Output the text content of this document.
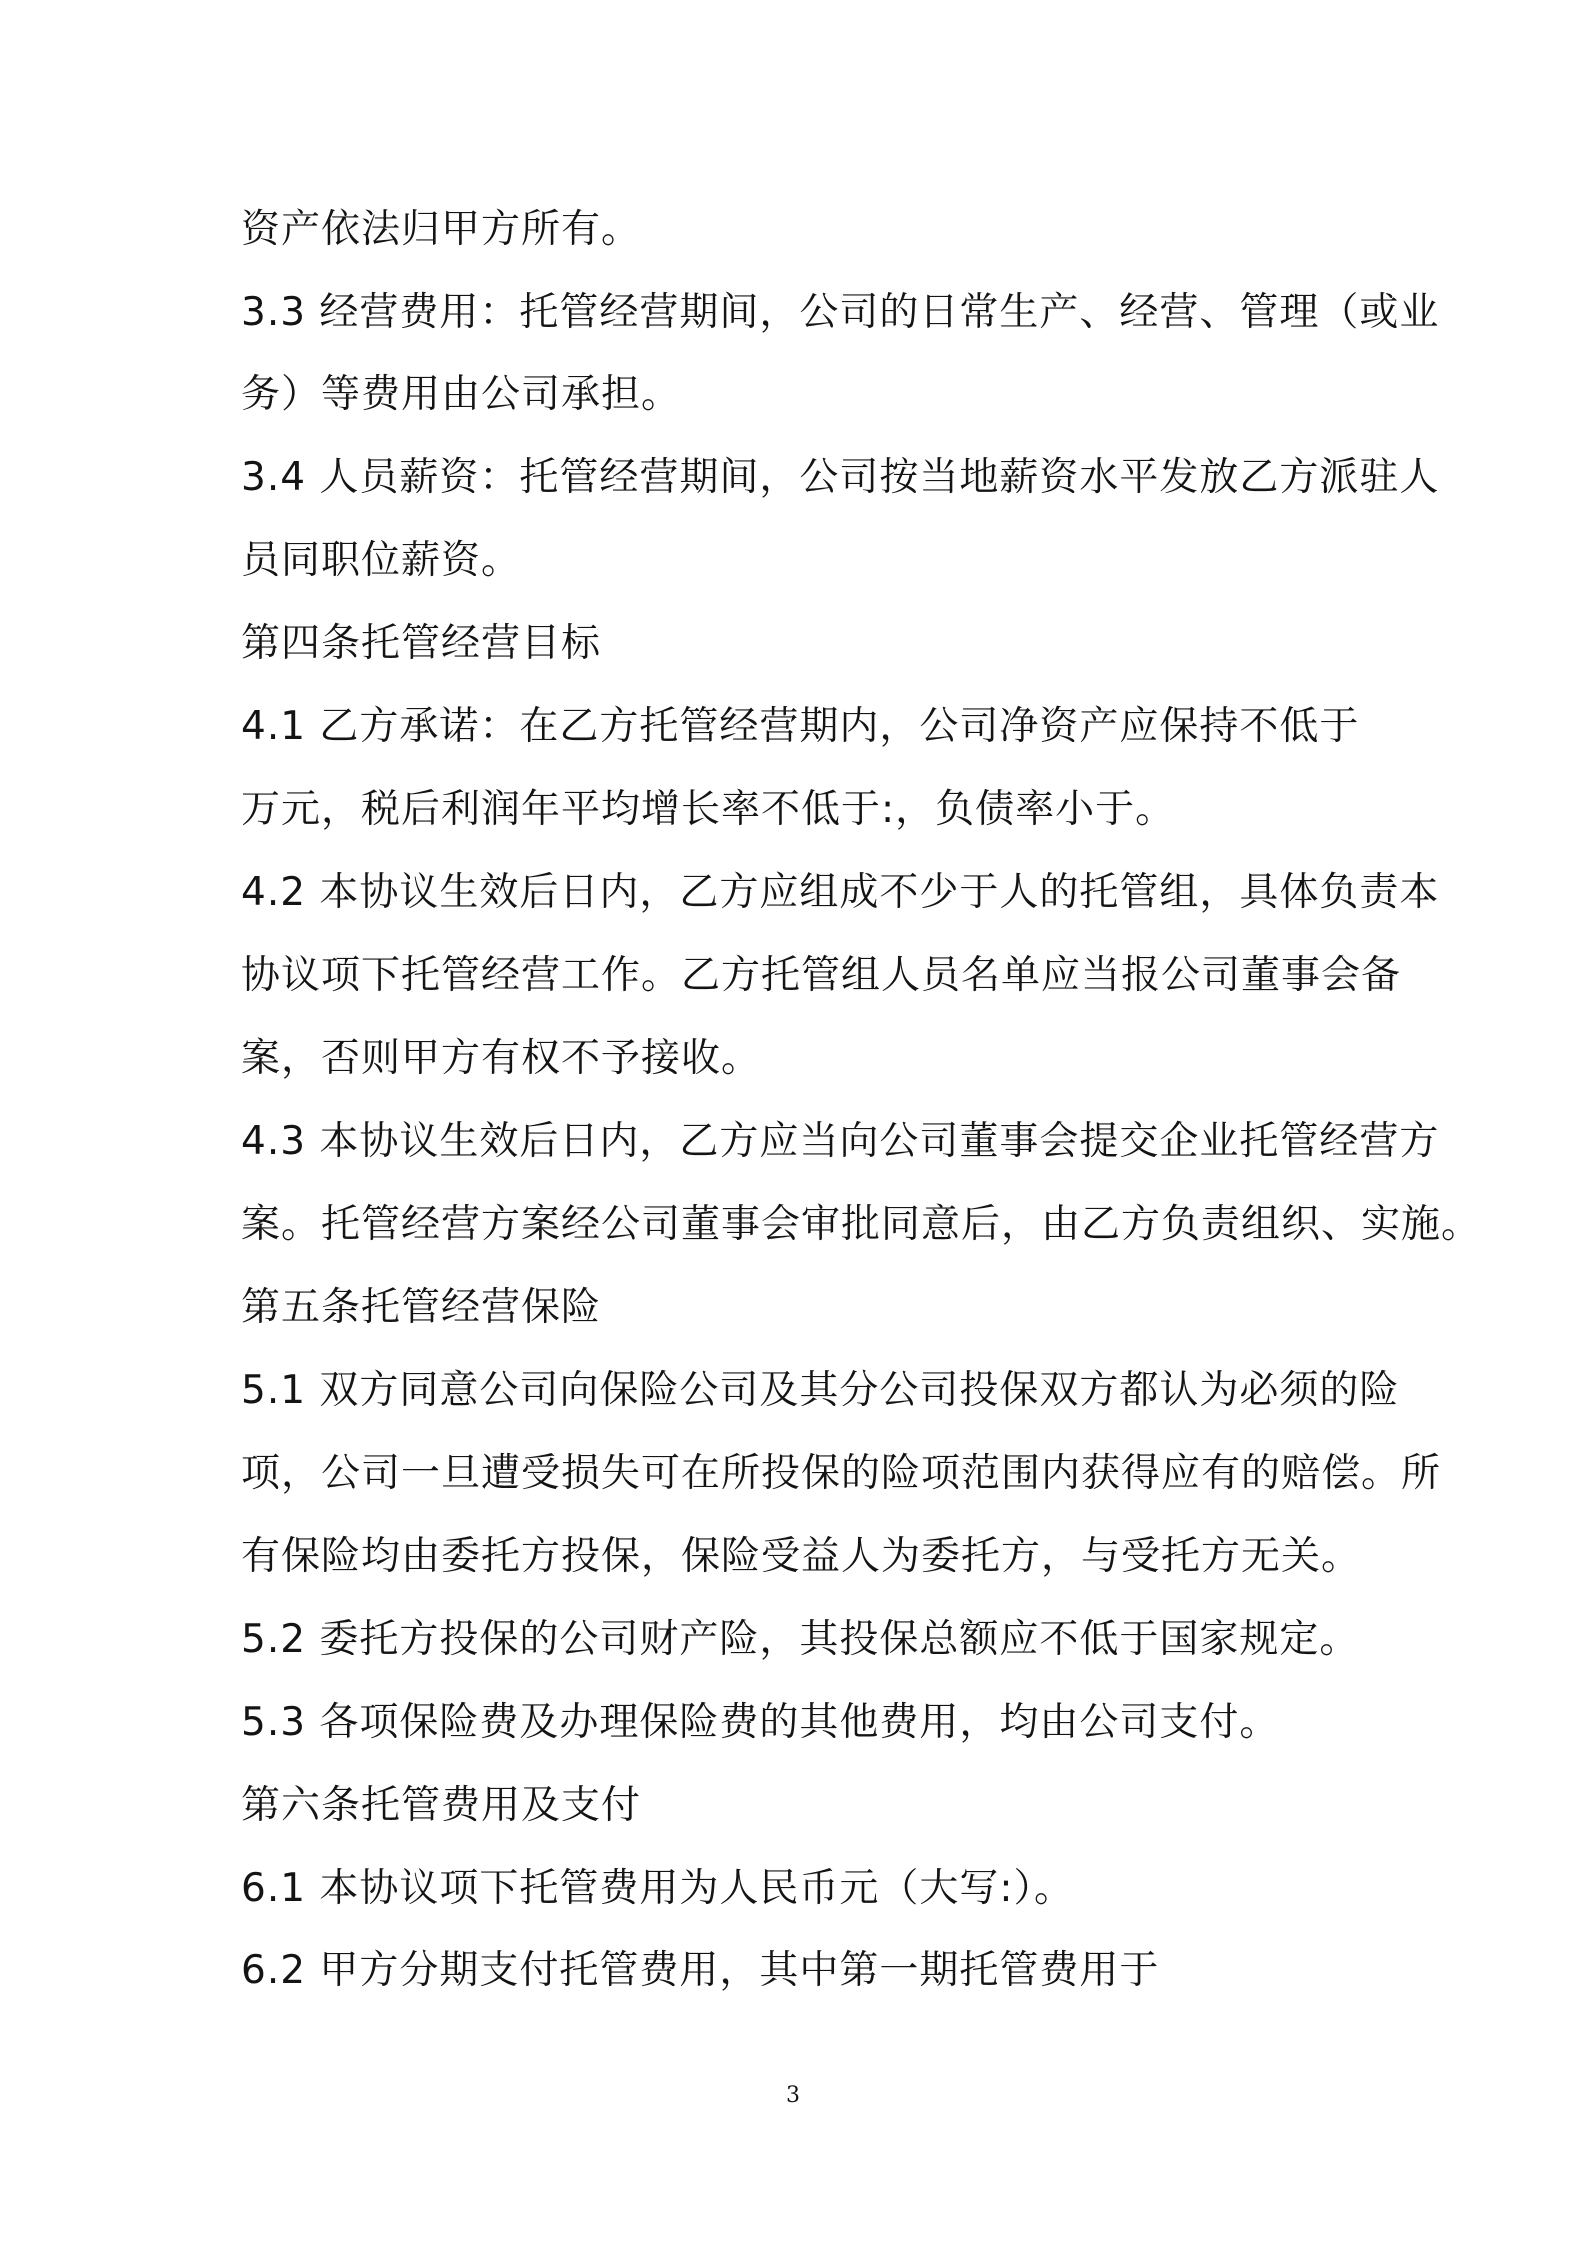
资产依法归甲方所有。
3.3 经营费用：托管经营期间，公司的日常生产、经营、管理（或业
务）等费用由公司承担。
3.4 人员薪资：托管经营期间，公司按当地薪资水平发放乙方派驻人
员同职位薪资。
第四条托管经营目标
4.1 乙方承诺：在乙方托管经营期内，公司净资产应保持不低于
万元，税后利润年平均增长率不低于:，负债率小于。
4.2 本协议生效后日内，乙方应组成不少于人的托管组，具体负责本
协议项下托管经营工作。乙方托管组人员名单应当报公司董事会备
案，否则甲方有权不予接收。
4.3 本协议生效后日内，乙方应当向公司董事会提交企业托管经营方
案。托管经营方案经公司董事会审批同意后，由乙方负责组织、实施。
第五条托管经营保险
5.1 双方同意公司向保险公司及其分公司投保双方都认为必须的险
项，公司一旦遭受损失可在所投保的险项范围内获得应有的赔偿。所
有保险均由委托方投保，保险受益人为委托方，与受托方无关。
5.2 委托方投保的公司财产险，其投保总额应不低于国家规定。
5.3 各项保险费及办理保险费的其他费用，均由公司支付。
第六条托管费用及支付
6.1 本协议项下托管费用为人民币元（大写:）。
6.2 甲方分期支付托管费用，其中第一期托管费用于
3
